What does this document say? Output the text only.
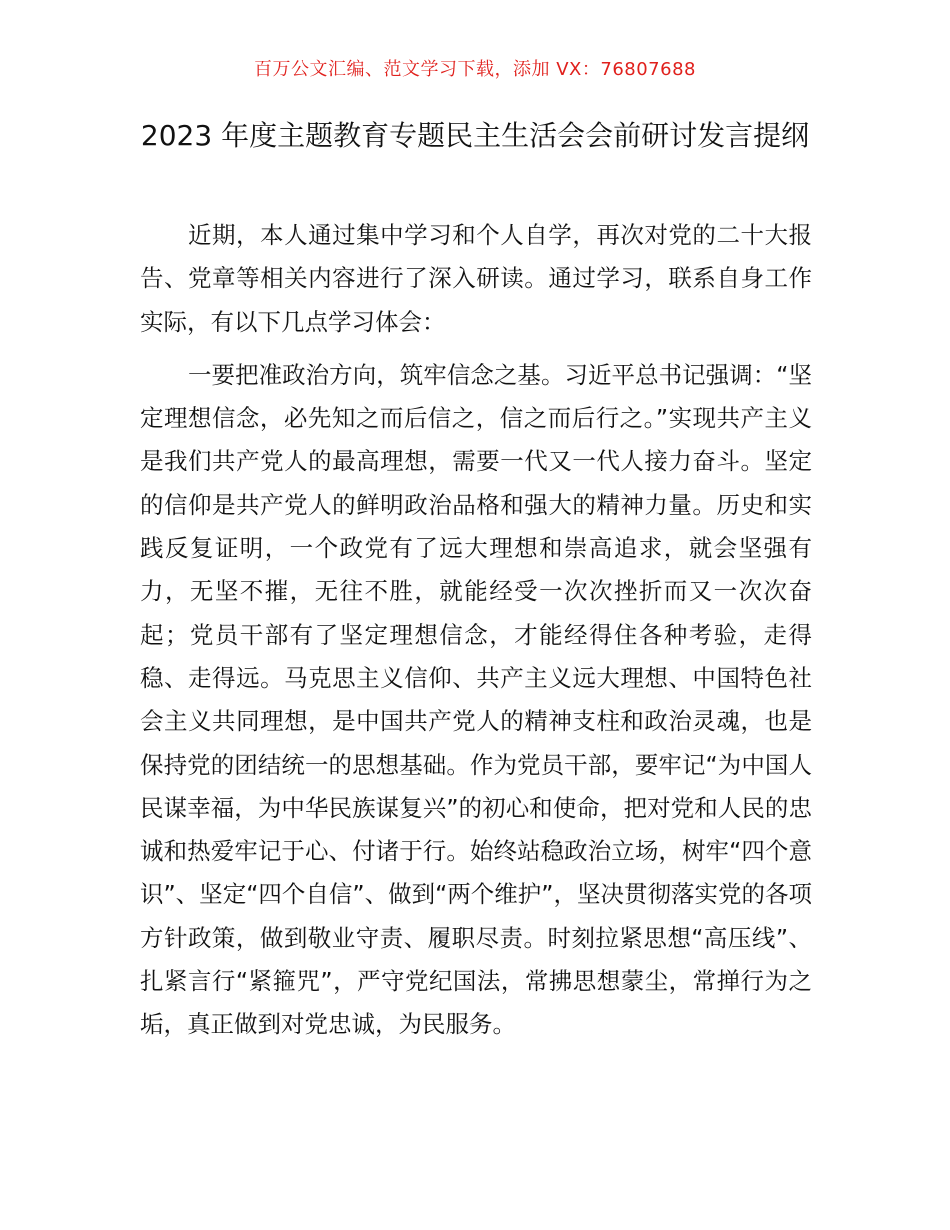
百万公文汇编、范文学习下载，添加 VX：76807688
2023 年度主题教育专题民主生活会会前研讨发言提纲

近期，本人通过集中学习和个人自学，再次对党的二十大报告、党章等相关内容进行了深入研读。通过学习，联系自身工作实际，有以下几点学习体会：

一要把准政治方向，筑牢信念之基。习近平总书记强调：“坚定理想信念，必先知之而后信之，信之而后行之。”实现共产主义是我们共产党人的最高理想，需要一代又一代人接力奋斗。坚定的信仰是共产党人的鲜明政治品格和强大的精神力量。历史和实践反复证明，一个政党有了远大理想和崇高追求，就会坚强有力，无坚不摧，无往不胜，就能经受一次次挫折而又一次次奋起；党员干部有了坚定理想信念，才能经得住各种考验，走得稳、走得远。马克思主义信仰、共产主义远大理想、中国特色社会主义共同理想，是中国共产党人的精神支柱和政治灵魂，也是保持党的团结统一的思想基础。作为党员干部，要牢记“为中国人民谋幸福，为中华民族谋复兴”的初心和使命，把对党和人民的忠诚和热爱牢记于心、付诸于行。始终站稳政治立场，树牢“四个意识”、坚定“四个自信”、做到“两个维护”，坚决贯彻落实党的各项方针政策，做到敬业守责、履职尽责。时刻拉紧思想“高压线”、扎紧言行“紧箍咒”，严守党纪国法，常拂思想蒙尘，常掸行为之垢，真正做到对党忠诚，为民服务。
